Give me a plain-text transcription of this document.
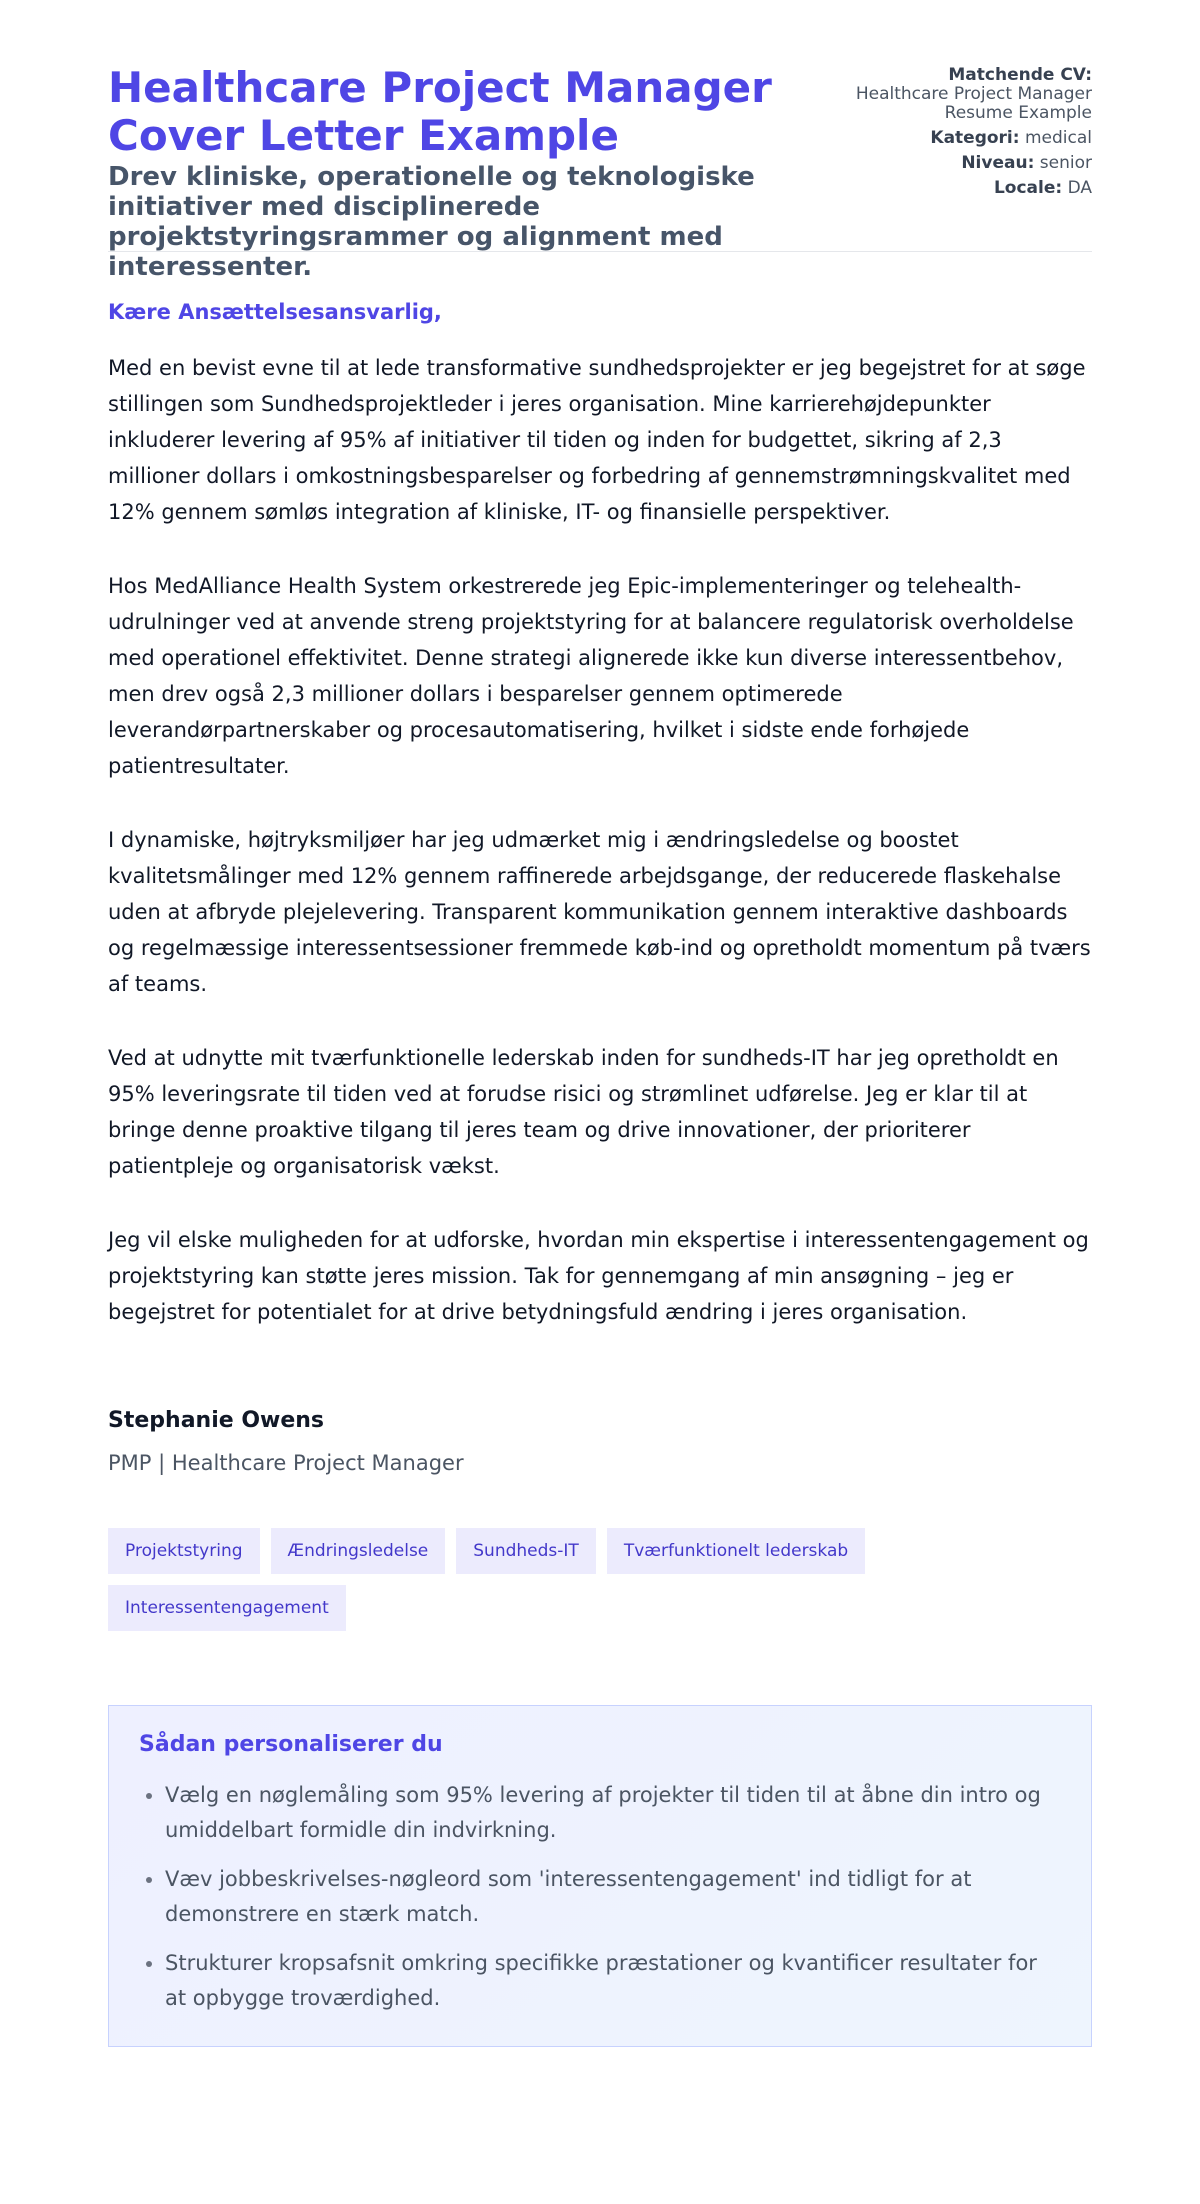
Healthcare Project Manager Cover Letter Example

Drev kliniske, operationelle og teknologiske initiativer med disciplinerede projektstyringsrammer og alignment med interessenter.

Matchende CV:
Healthcare Project Manager Resume Example
Kategori: medical
Niveau: senior
Locale: DA

Kære Ansættelsesansvarlig,

Med en bevist evne til at lede transformative sundhedsprojekter er jeg begejstret for at søge stillingen som Sundhedsprojektleder i jeres organisation. Mine karrierehøjdepunkter inkluderer levering af 95% af initiativer til tiden og inden for budgettet, sikring af 2,3 millioner dollars i omkostningsbesparelser og forbedring af gennemstrømningskvalitet med 12% gennem sømløs integration af kliniske, IT- og finansielle perspektiver.

Hos MedAlliance Health System orkestrerede jeg Epic-implementeringer og telehealth-udrulninger ved at anvende streng projektstyring for at balancere regulatorisk overholdelse med operationel effektivitet. Denne strategi alignerede ikke kun diverse interessentbehov, men drev også 2,3 millioner dollars i besparelser gennem optimerede leverandørpartnerskaber og procesautomatisering, hvilket i sidste ende forhøjede patientresultater.

I dynamiske, højtryksmiljøer har jeg udmærket mig i ændringsledelse og boostet kvalitetsmålinger med 12% gennem raffinerede arbejdsgange, der reducerede flaskehalse uden at afbryde plejelevering. Transparent kommunikation gennem interaktive dashboards og regelmæssige interessentsessioner fremmede køb-ind og opretholdt momentum på tværs af teams.

Ved at udnytte mit tværfunktionelle lederskab inden for sundheds-IT har jeg opretholdt en 95% leveringsrate til tiden ved at forudse risici og strømlinet udførelse. Jeg er klar til at bringe denne proaktive tilgang til jeres team og drive innovationer, der prioriterer patientpleje og organisatorisk vækst.

Jeg vil elske muligheden for at udforske, hvordan min ekspertise i interessentengagement og projektstyring kan støtte jeres mission. Tak for gennemgang af min ansøgning – jeg er begejstret for potentialet for at drive betydningsfuld ændring i jeres organisation.

Stephanie Owens
PMP | Healthcare Project Manager
Projektstyring	Ændringsledelse	Sundheds-IT	Tværfunktionelt lederskab
Interessentengagement
Sådan personaliserer du
• Vælg en nøglemåling som 95% levering af projekter til tiden til at åbne din intro og umiddelbart formidle din indvirkning.
• Væv jobbeskrivelses-nøgleord som 'interessentengagement' ind tidligt for at demonstrere en stærk match.
• Strukturer kropsafsnit omkring specifikke præstationer og kvantificer resultater for at opbygge troværdighed.
